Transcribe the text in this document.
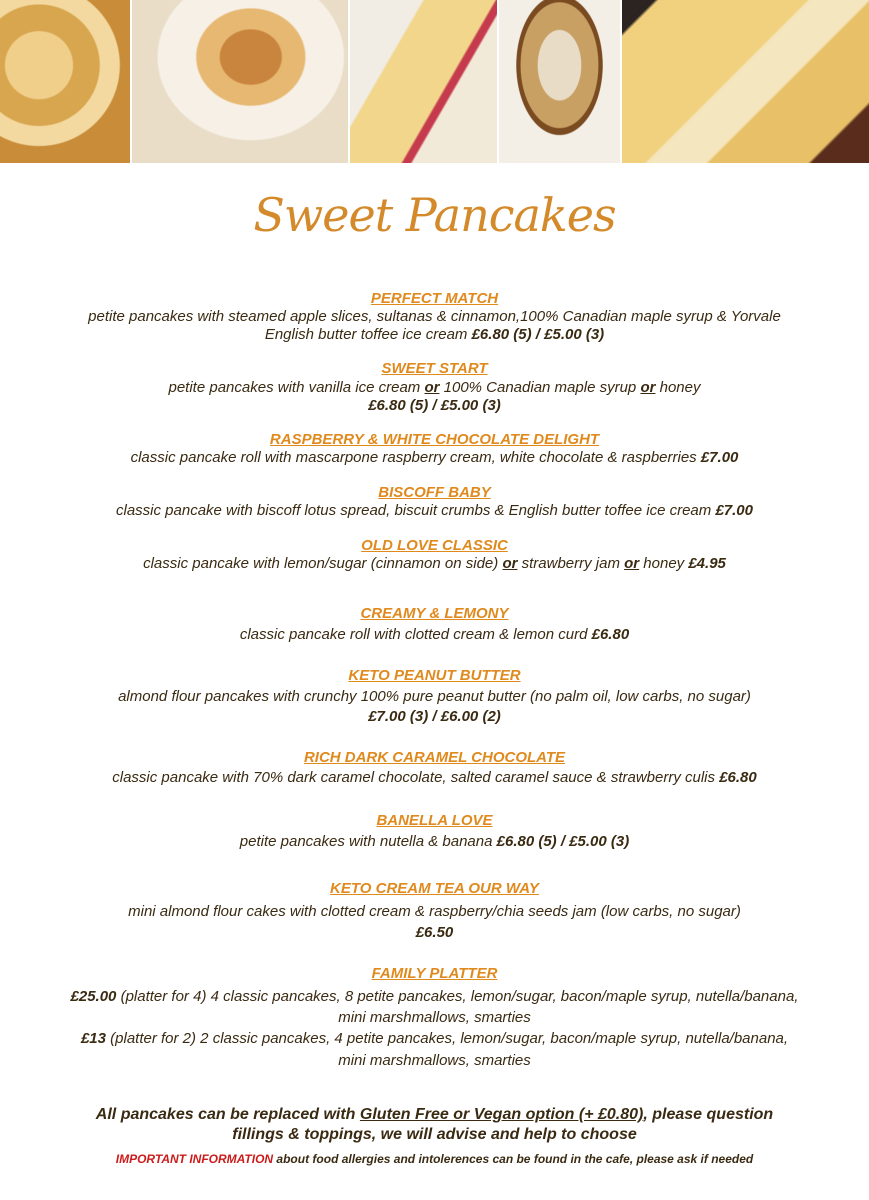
Sweet Pancakes
PERFECT MATCH
petite pancakes with steamed apple slices, sultanas & cinnamon,100% Canadian maple syrup & Yorvale
English butter toffee ice cream £6.80 (5) / £5.00 (3)
SWEET START
petite pancakes with vanilla ice cream or 100% Canadian maple syrup or honey
£6.80 (5) / £5.00 (3)
RASPBERRY & WHITE CHOCOLATE DELIGHT
classic pancake roll with mascarpone raspberry cream, white chocolate & raspberries £7.00
BISCOFF BABY
classic pancake with biscoff lotus spread, biscuit crumbs & English butter toffee ice cream £7.00
OLD LOVE CLASSIC
classic pancake with lemon/sugar (cinnamon on side) or strawberry jam or honey £4.95
CREAMY & LEMONY
classic pancake roll with clotted cream & lemon curd £6.80
KETO PEANUT BUTTER
almond flour pancakes with crunchy 100% pure peanut butter (no palm oil, low carbs, no sugar)
£7.00 (3) / £6.00 (2)
RICH DARK CARAMEL CHOCOLATE
classic pancake with 70% dark caramel chocolate, salted caramel sauce & strawberry culis £6.80
BANELLA LOVE
petite pancakes with nutella & banana £6.80 (5) / £5.00 (3)
KETO CREAM TEA OUR WAY
mini almond flour cakes with clotted cream & raspberry/chia seeds jam (low carbs, no sugar)
£6.50
FAMILY PLATTER
£25.00 (platter for 4) 4 classic pancakes, 8 petite pancakes, lemon/sugar, bacon/maple syrup, nutella/banana,
mini marshmallows, smarties
£13 (platter for 2) 2 classic pancakes, 4 petite pancakes, lemon/sugar, bacon/maple syrup, nutella/banana,
mini marshmallows, smarties
All pancakes can be replaced with Gluten Free or Vegan option (+ £0.80), please question
fillings & toppings, we will advise and help to choose
IMPORTANT INFORMATION about food allergies and intolerences can be found in the cafe, please ask if needed
